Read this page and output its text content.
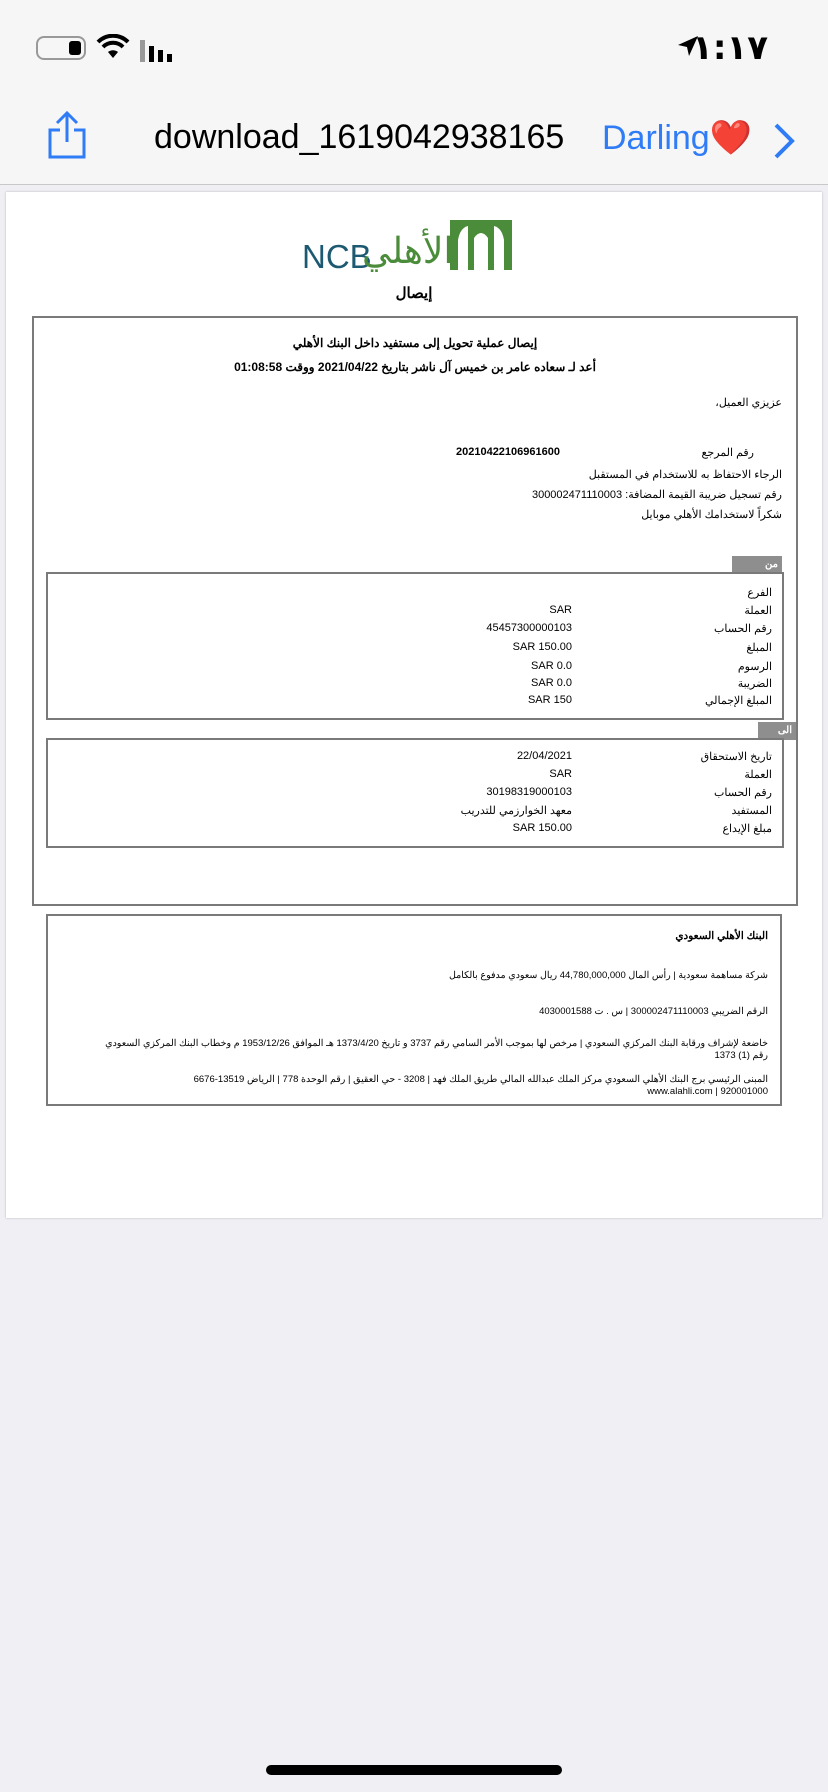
١:١٧
download_1619042938165 Darling❤️
NCB
الأهلي
إيصال
إيصال عملية تحويل إلى مستفيد داخل البنك الأهلي
أعد لـ سعاده عامر بن خميس آل ناشر بتاريخ 2021/04/22 ووقت 01:08:58
عزيزي العميل،
رقم المرجع
20210422106961600
الرجاء الاحتفاظ به للاستخدام في المستقبل
رقم تسجيل ضريبة القيمة المضافة: 300002471110003
شكراً لاستخدامك الأهلي موبايل
من
الفرع
العملة
SAR
رقم الحساب
45457300000103
المبلغ
150.00 SAR
الرسوم
0.0 SAR
الضريبة
0.0 SAR
المبلغ الإجمالي
150 SAR
الى
تاريخ الاستحقاق
22/04/2021
العملة
SAR
رقم الحساب
30198319000103
المستفيد
معهد الخوارزمي للتدريب
مبلغ الإيداع
150.00 SAR
البنك الأهلي السعودي
شركة مساهمة سعودية | رأس المال 44,780,000,000 ريال سعودي مدفوع بالكامل
الرقم الضريبي 300002471110003 | س . ت 4030001588
خاضعة لإشراف ورقابة البنك المركزي السعودي | مرخص لها بموجب الأمر السامي رقم 3737 و تاريخ 1373/4/20 هـ الموافق 1953/12/26 م وخطاب البنك المركزي السعودي
رقم (1) 1373
المبنى الرئيسي برج البنك الأهلي السعودي مركز الملك عبدالله المالي طريق الملك فهد | 3208 - حي العقيق | رقم الوحدة 778 | الرياض 13519-6676
www.alahli.com | 920001000
